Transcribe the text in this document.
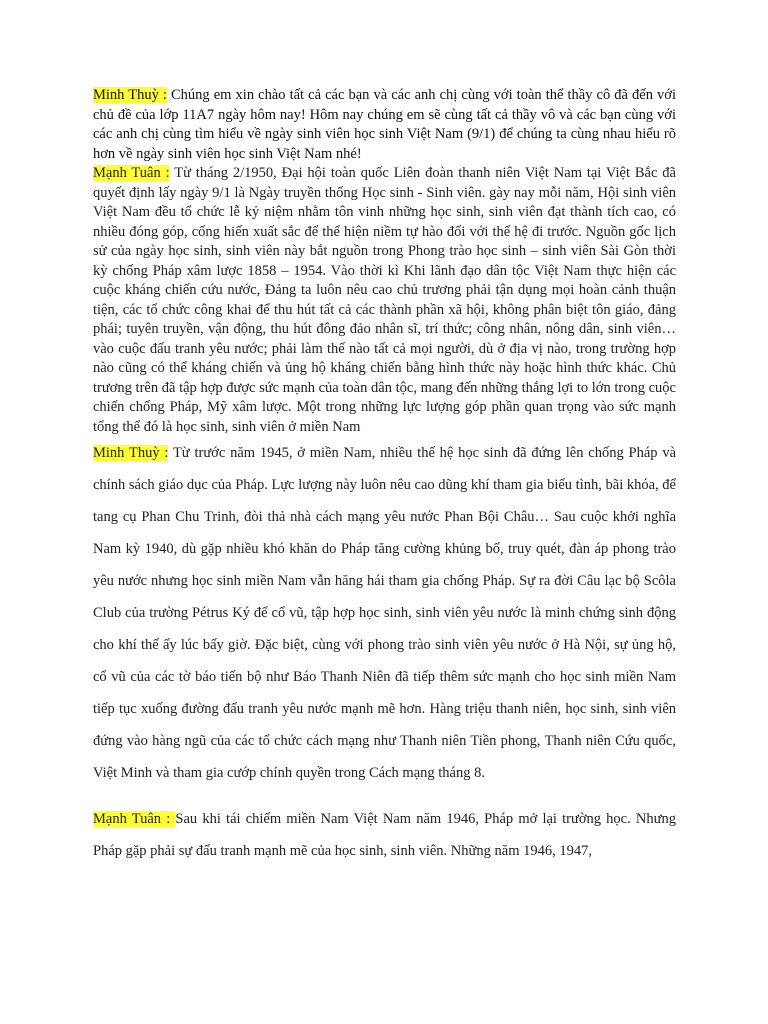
Minh Thuỳ : Chúng em xin chào tất cả các bạn và các anh chị cùng với toàn thể thầy cô đã đến với chủ đề của lớp 11A7 ngày hôm nay! Hôm nay chúng em sẽ cùng tất cả thầy vô và các bạn cùng với các anh chị cùng tìm hiểu về ngày sinh viên học sinh Việt Nam (9/1) để chúng ta cùng nhau hiểu rõ hơn về ngày sinh viên học sinh Việt Nam nhé!

Mạnh Tuân : Từ tháng 2/1950, Đại hội toàn quốc Liên đoàn thanh niên Việt Nam tại Việt Bắc đã quyết định lấy ngày 9/1 là Ngày truyền thống Học sinh - Sinh viên. gày nay mỗi năm, Hội sinh viên Việt Nam đều tổ chức lễ kỷ niệm nhằm tôn vinh những học sinh, sinh viên đạt thành tích cao, có nhiều đóng góp, cống hiến xuất sắc để thể hiện niềm tự hào đối với thế hệ đi trước. Nguồn gốc lịch sử của ngày học sinh, sinh viên này bắt nguồn trong Phong trào học sinh – sinh viên Sài Gòn thời kỳ chống Pháp xâm lược 1858 – 1954. Vào thời kì Khi lãnh đạo dân tộc Việt Nam thực hiện các cuộc kháng chiến cứu nước, Đảng ta luôn nêu cao chủ trương phải tận dụng mọi hoàn cảnh thuận tiện, các tổ chức công khai để thu hút tất cả các thành phần xã hội, không phân biệt tôn giáo, đảng phái; tuyên truyền, vận động, thu hút đông đảo nhân sĩ, trí thức; công nhân, nông dân, sinh viên… vào cuộc đấu tranh yêu nước; phải làm thế nào tất cả mọi người, dù ở địa vị nào, trong trường hợp nào cũng có thể kháng chiến và ủng hộ kháng chiến bằng hình thức này hoặc hình thức khác. Chủ trương trên đã tập hợp được sức mạnh của toàn dân tộc, mang đến những thắng lợi to lớn trong cuộc chiến chống Pháp, Mỹ xâm lược. Một trong những lực lượng góp phần quan trọng vào sức mạnh tổng thể đó là học sinh, sinh viên ở miền Nam

Minh Thuỳ : Từ trước năm 1945, ở miền Nam, nhiều thế hệ học sinh đã đứng lên chống Pháp và chính sách giáo dục của Pháp. Lực lượng này luôn nêu cao dũng khí tham gia biểu tình, bãi khóa, để tang cụ Phan Chu Trinh, đòi thả nhà cách mạng yêu nước Phan Bội Châu… Sau cuộc khởi nghĩa Nam kỳ 1940, dù gặp nhiều khó khăn do Pháp tăng cường khủng bố, truy quét, đàn áp phong trào yêu nước nhưng học sinh miền Nam vẫn hăng hái tham gia chống Pháp. Sự ra đời Câu lạc bộ Scôla Club của trường Pétrus Ký để cổ vũ, tập hợp học sinh, sinh viên yêu nước là minh chứng sinh động cho khí thế ấy lúc bấy giờ. Đặc biệt, cùng với phong trào sinh viên yêu nước ở Hà Nội, sự ủng hộ, cổ vũ của các tờ báo tiến bộ như Báo Thanh Niên đã tiếp thêm sức mạnh cho học sinh miền Nam tiếp tục xuống đường đấu tranh yêu nước mạnh mẽ hơn. Hàng triệu thanh niên, học sinh, sinh viên đứng vào hàng ngũ của các tổ chức cách mạng như Thanh niên Tiền phong, Thanh niên Cứu quốc, Việt Minh và tham gia cướp chính quyền trong Cách mạng tháng 8.

Mạnh Tuân : Sau khi tái chiếm miền Nam Việt Nam năm 1946, Pháp mở lại trường học. Nhưng Pháp gặp phải sự đấu tranh mạnh mẽ của học sinh, sinh viên. Những năm 1946, 1947,
